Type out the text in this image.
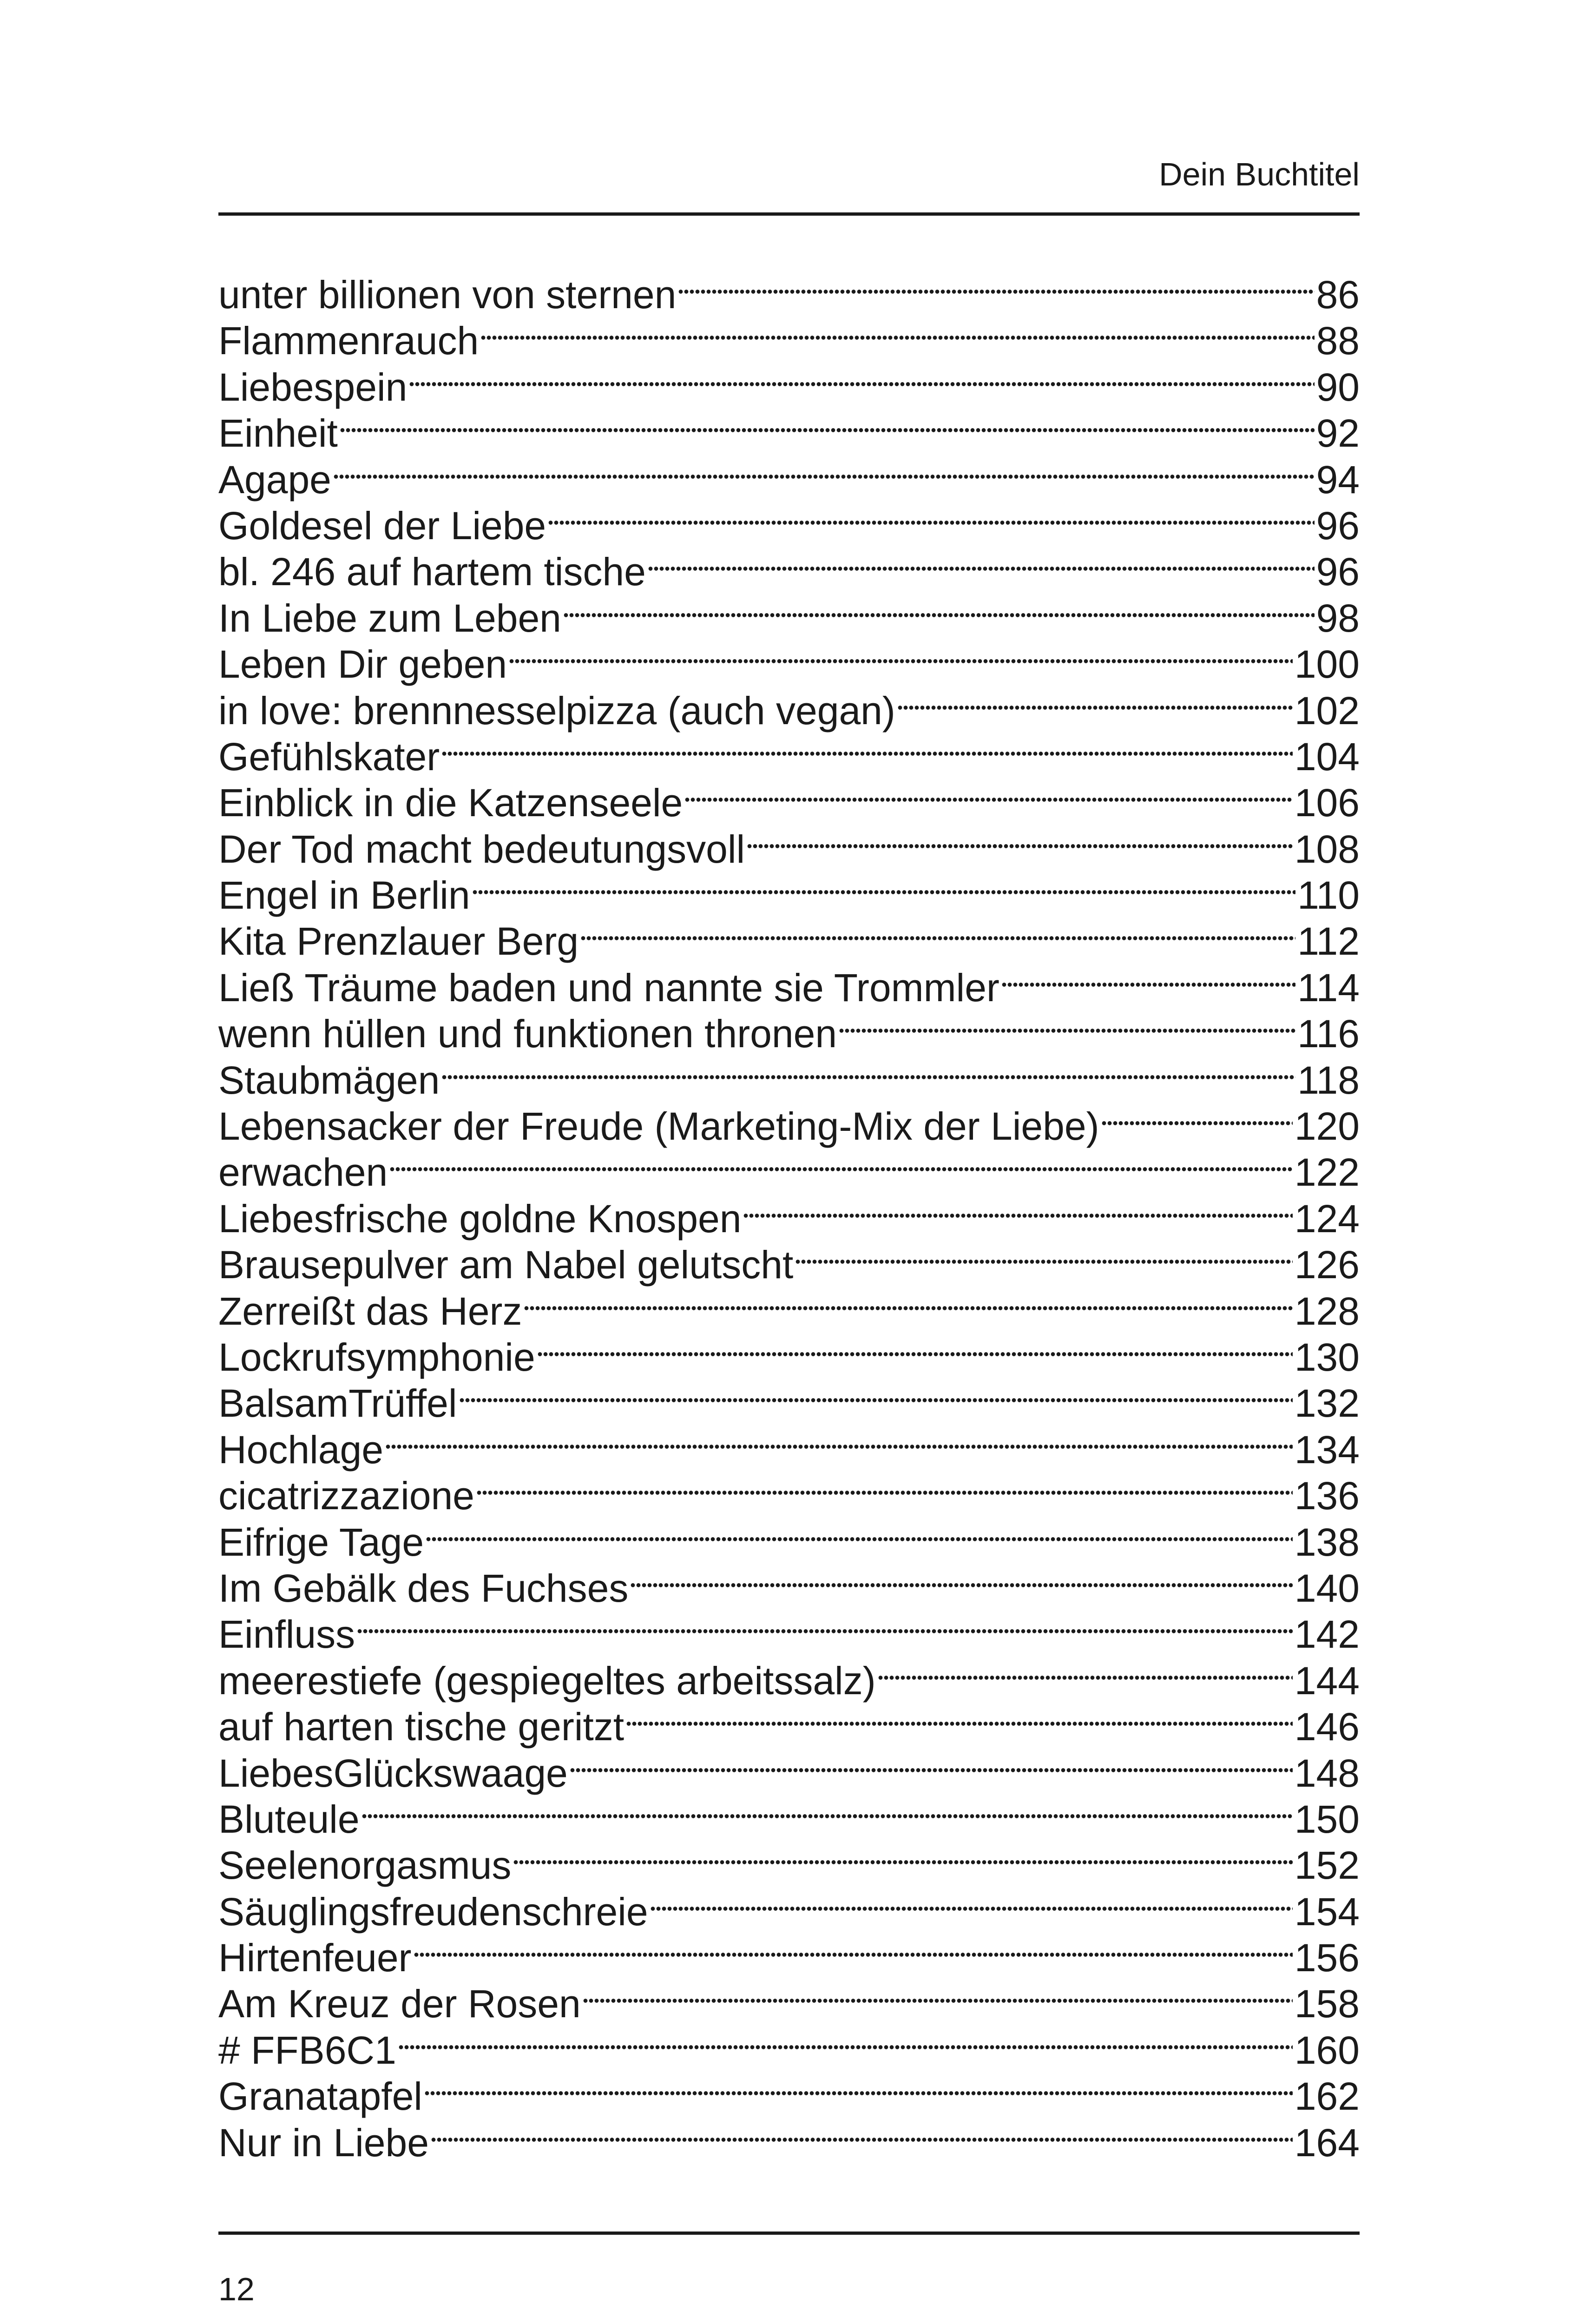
Dein Buchtitel
unter billionen von sternen	86
Flammenrauch	88
Liebespein	90
Einheit	92
Agape	94
Goldesel der Liebe	96
bl. 246 auf hartem tische	96
In Liebe zum Leben	98
Leben Dir geben	100
in love: brennnesselpizza (auch vegan)	102
Gefühlskater	104
Einblick in die Katzenseele	106
Der Tod macht bedeutungsvoll	108
Engel in Berlin	110
Kita Prenzlauer Berg	112
Ließ Träume baden und nannte sie Trommler	114
wenn hüllen und funktionen thronen	116
Staubmägen	118
Lebensacker der Freude (Marketing-Mix der Liebe)	120
erwachen	122
Liebesfrische goldne Knospen	124
Brausepulver am Nabel gelutscht	126
Zerreißt das Herz	128
Lockrufsymphonie	130
BalsamTrüffel	132
Hochlage	134
cicatrizzazione	136
Eifrige Tage	138
Im Gebälk des Fuchses	140
Einfluss	142
meerestiefe (gespiegeltes arbeitssalz)	144
auf harten tische geritzt	146
LiebesGlückswaage	148
Bluteule	150
Seelenorgasmus	152
Säuglingsfreudenschreie	154
Hirtenfeuer	156
Am Kreuz der Rosen	158
# FFB6C1	160
Granatapfel	162
Nur in Liebe	164
12
